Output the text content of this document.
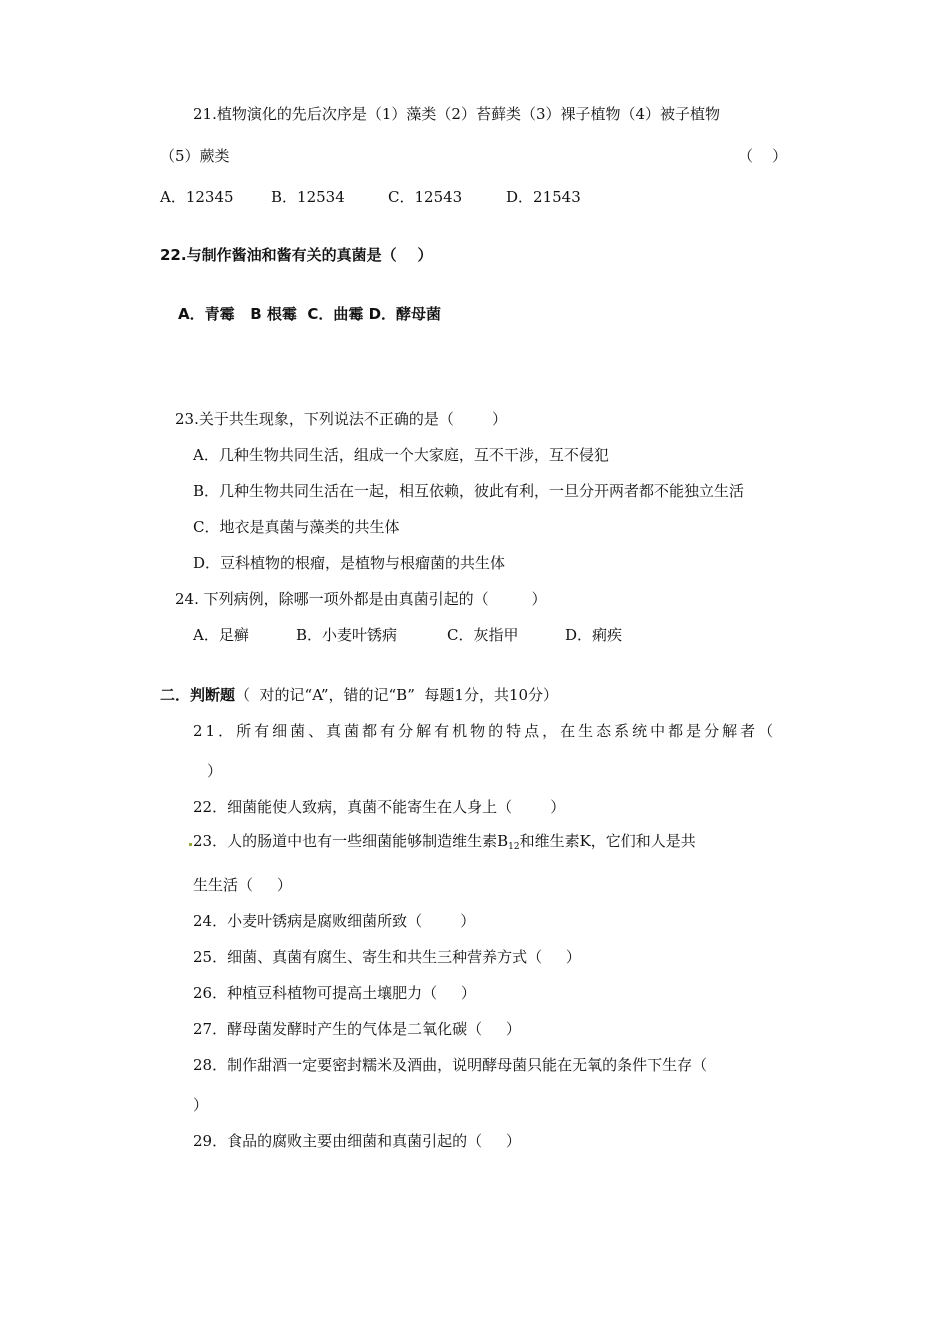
21.植物演化的先后次序是（1）藻类（2）苔藓类（3）裸子植物（4）被子植物
（5）蕨类	（    ）
A．12345 B．12534	C．12543	D．21543
22.与制作酱油和酱有关的真菌是（    ）
A．青霉   B 根霉  C．曲霉 D．酵母菌
23.关于共生现象，下列说法不正确的是（        ）
A．几种生物共同生活，组成一个大家庭，互不干涉，互不侵犯
B．几种生物共同生活在一起，相互依赖，彼此有利，一旦分开两者都不能独立生活
C．地衣是真菌与藻类的共生体
D．豆科植物的根瘤，是植物与根瘤菌的共生体
24. 下列病例，除哪一项外都是由真菌引起的（         ）
A．足癣	B．小麦叶锈病	C．灰指甲	D．痢疾
二．判断题（  对的记“A”，错的记“B”  每题1分，共10分）
21．所有细菌、真菌都有分解有机物的特点，在生态系统中都是分解者（
）
22．细菌能使人致病，真菌不能寄生在人身上（        ）
23．人的肠道中也有一些细菌能够制造维生素$B_{12}$和维生素K，它们和人是共
生生活（     ）
24．小麦叶锈病是腐败细菌所致（        ）
25．细菌、真菌有腐生、寄生和共生三种营养方式（     ）
26．种植豆科植物可提高土壤肥力（     ）
27．酵母菌发酵时产生的气体是二氧化碳（     ）
28．制作甜酒一定要密封糯米及酒曲，说明酵母菌只能在无氧的条件下生存（
）
29．食品的腐败主要由细菌和真菌引起的（     ）
